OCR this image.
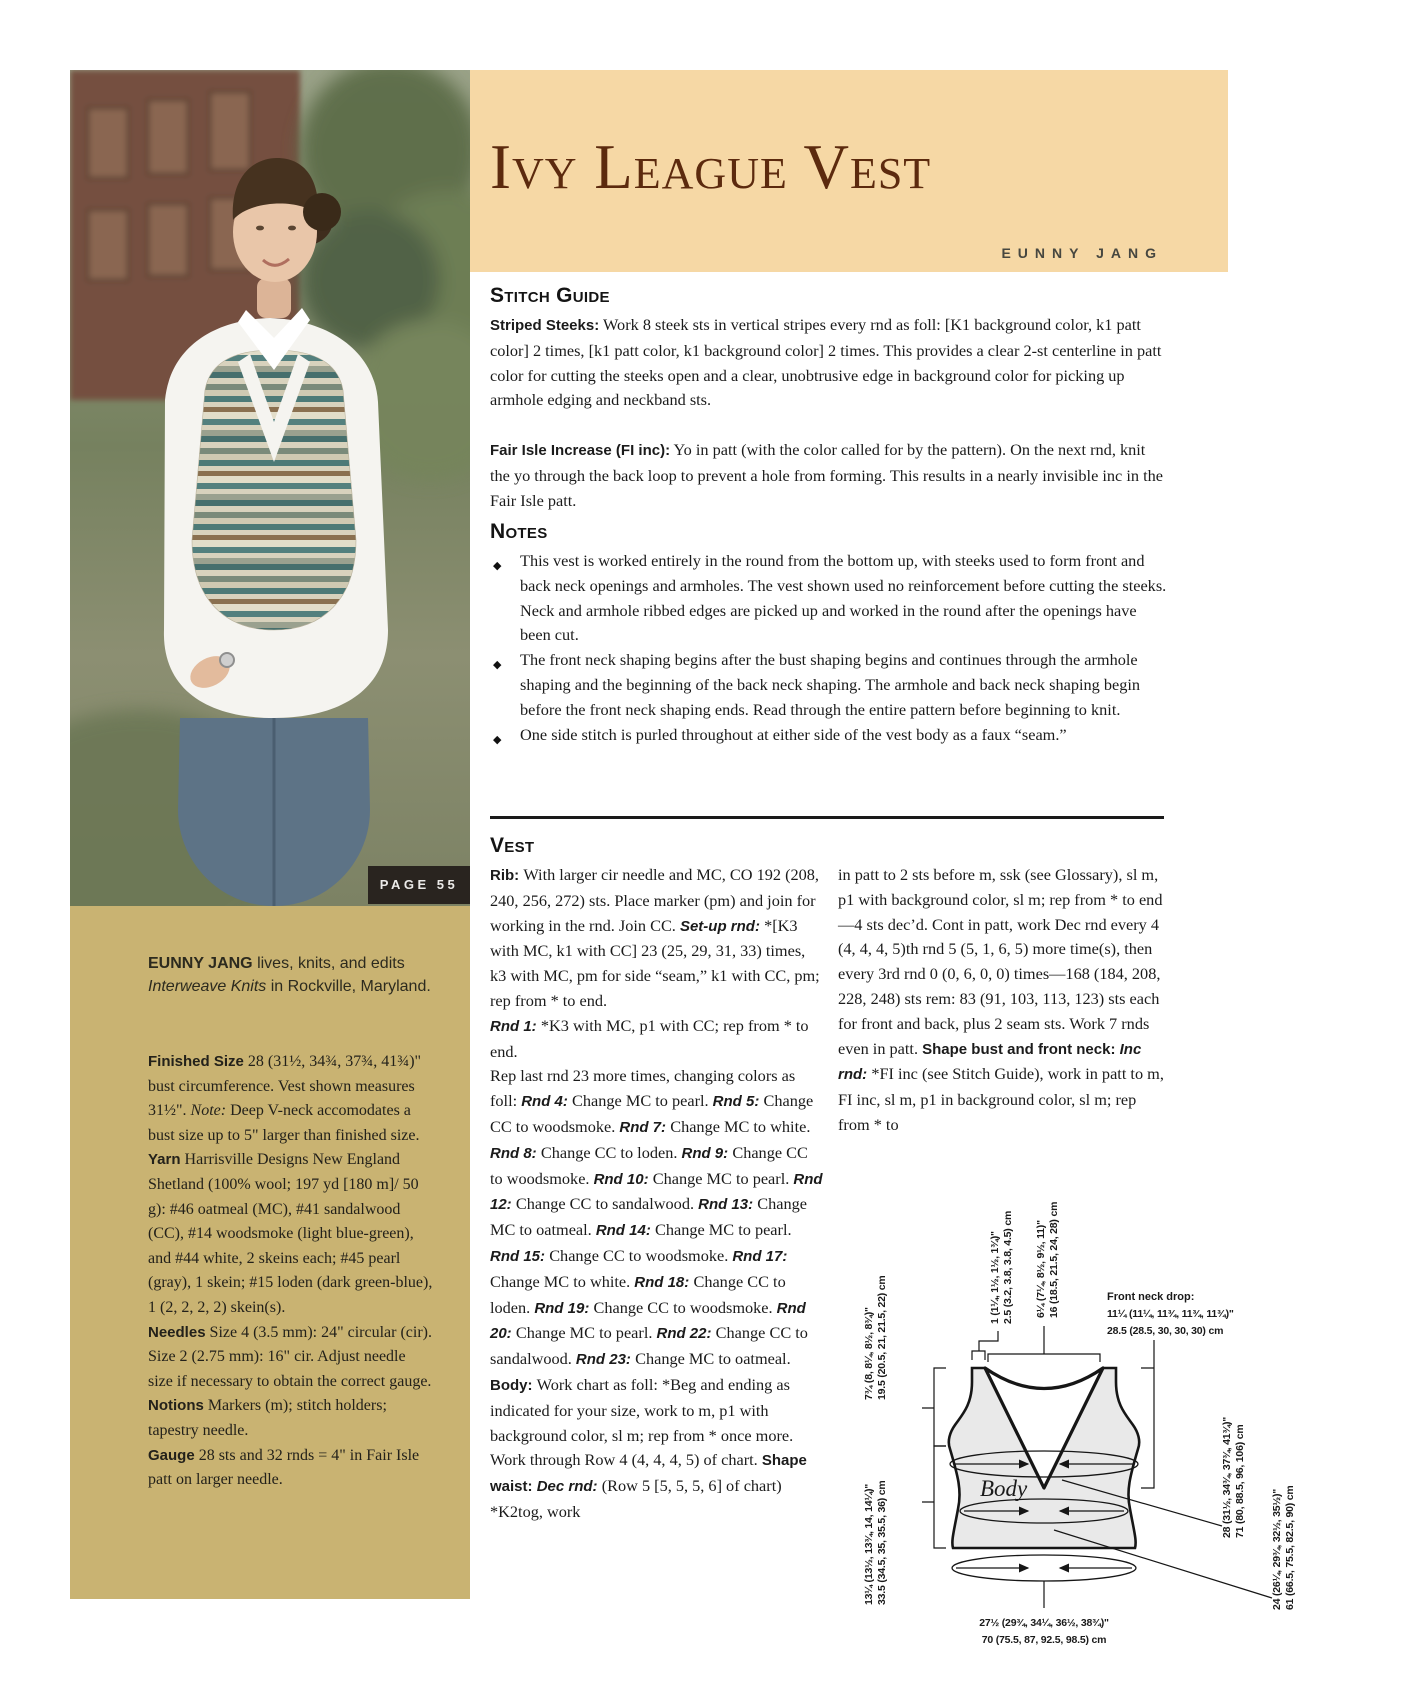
PAGE 55
Ivy League Vest
EUNNY JANG
Stitch Guide

Striped Steeks: Work 8 steek sts in vertical stripes every rnd as foll: [K1 background color, k1 patt color] 2 times, [k1 patt color, k1 background color] 2 times. This provides a clear 2-st centerline in patt color for cutting the steeks open and a clear, unobtrusive edge in background color for picking up armhole edging and neckband sts.

Fair Isle Increase (FI inc): Yo in patt (with the color called for by the pattern). On the next rnd, knit the yo through the back loop to prevent a hole from forming. This results in a nearly invisible inc in the Fair Isle patt.

Notes
◆ This vest is worked entirely in the round from the bottom up, with steeks used to form front and back neck openings and armholes. The vest shown used no reinforcement before cutting the steeks. Neck and armhole ribbed edges are picked up and worked in the round after the openings have been cut.
◆ The front neck shaping begins after the bust shaping begins and continues through the armhole shaping and the beginning of the back neck shaping. The armhole and back neck shaping begin before the front neck shaping ends. Read through the entire pattern before beginning to knit.
◆ One side stitch is purled throughout at either side of the vest body as a faux “seam.”
Vest

Rib: With larger cir needle and MC, CO 192 (208, 240, 256, 272) sts. Place marker (pm) and join for working in the rnd. Join CC. Set-up rnd: *[K3 with MC, k1 with CC] 23 (25, 29, 31, 33) times, k3 with MC, pm for side “seam,” k1 with CC, pm; rep from * to end.

Rnd 1: *K3 with MC, p1 with CC; rep from * to end.

Rep last rnd 23 more times, changing colors as foll: Rnd 4: Change MC to pearl. Rnd 5: Change CC to woodsmoke. Rnd 7: Change MC to white. Rnd 8: Change CC to loden. Rnd 9: Change CC to woodsmoke. Rnd 10: Change MC to pearl. Rnd 12: Change CC to sandalwood. Rnd 13: Change MC to oatmeal. Rnd 14: Change MC to pearl. Rnd 15: Change CC to woodsmoke. Rnd 17: Change MC to white. Rnd 18: Change CC to loden. Rnd 19: Change CC to woodsmoke. Rnd 20: Change MC to pearl. Rnd 22: Change CC to sandalwood. Rnd 23: Change MC to oatmeal. Body: Work chart as foll: *Beg and ending as indicated for your size, work to m, p1 with background color, sl m; rep from * once more. Work through Row 4 (4, 4, 4, 5) of chart. Shape waist: Dec rnd: (Row 5 [5, 5, 5, 6] of chart) *K2tog, work

in patt to 2 sts before m, ssk (see Glossary), sl m, p1 with background color, sl m; rep from * to end—4 sts dec’d. Cont in patt, work Dec rnd every 4 (4, 4, 4, 5)th rnd 5 (5, 1, 6, 5) more time(s), then every 3rd rnd 0 (0, 6, 0, 0) times—168 (184, 208, 228, 248) sts rem: 83 (91, 103, 113, 123) sts each for front and back, plus 2 seam sts. Work 7 rnds even in patt. Shape bust and front neck: Inc rnd: *FI inc (see Stitch Guide), work in patt to m, FI inc, sl m, p1 in background color, sl m; rep from * to

EUNNY JANG lives, knits, and edits Interweave Knits in Rockville, Maryland.

Finished Size 28 (31½, 34¾, 37¾, 41¾)" bust circumference. Vest shown measures 31½". Note: Deep V-neck accomodates a bust size up to 5" larger than finished size.

Yarn Harrisville Designs New England Shetland (100% wool; 197 yd [180 m]/ 50 g): #46 oatmeal (MC), #41 sandalwood (CC), #14 woodsmoke (light blue-green), and #44 white, 2 skeins each; #45 pearl (gray), 1 skein; #15 loden (dark green-blue), 1 (2, 2, 2, 2) skein(s).

Needles Size 4 (3.5 mm): 24" circular (cir). Size 2 (2.75 mm): 16" cir. Adjust needle size if necessary to obtain the correct gauge.

Notions Markers (m); stitch holders; tapestry needle.

Gauge 28 sts and 32 rnds = 4" in Fair Isle patt on larger needle.	Body
1 (1¼, 1½, 1½, 1¾)"2.5 (3.2, 3.8, 3.8, 4.5) cm 6¼ (7¼, 8½, 9½, 11)"16 (18.5, 21.5, 24, 28) cm
7¾ (8, 8¼, 8½, 8¾)"19.5 (20.5, 21, 21.5, 22) cm
13¼ (13½, 13¾, 14, 14¼)"33.5 (34.5, 35, 35.5, 36) cm
28 (31½, 34¾, 37¾, 41¾)"71 (80, 88.5, 96, 106) cm
24 (26¼, 29¾, 32½, 35½)"61 (66.5, 75.5, 82.5, 90) cm
Front neck drop:
11¼ (11¼, 11¾, 11¾, 11¾)"
28.5 (28.5, 30, 30, 30) cm
27½ (29¾, 34¼, 36½, 38¾)"
70 (75.5, 87, 92.5, 98.5) cm
